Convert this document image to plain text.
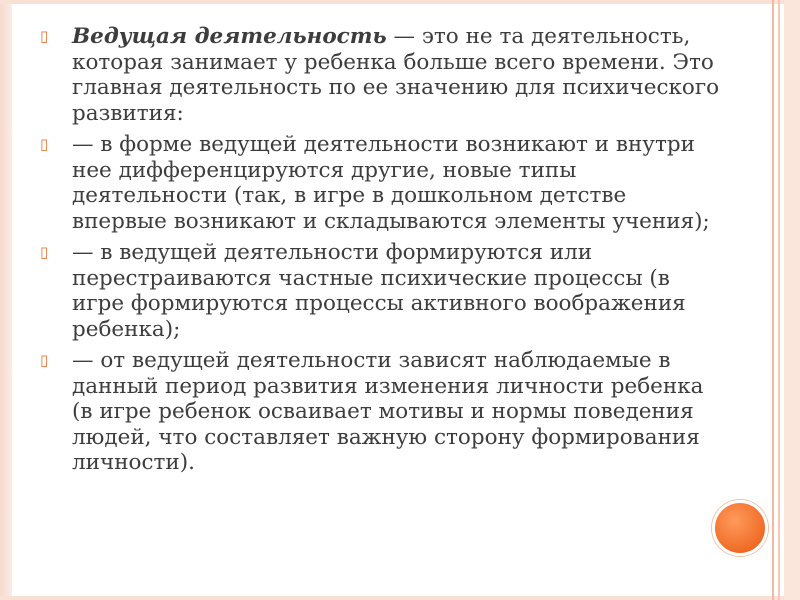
▯ Ведущая деятельность — это не та деятельность, которая занимает у ребенка больше всего времени. Это главная деятельность по ее значению для психического развития:
▯ — в форме ведущей деятельности возникают и внутри нее дифференцируются другие, новые типы деятельности (так, в игре в дошкольном детстве впервые возникают и складываются элементы учения);
▯ — в ведущей деятельности формируются или перестраиваются частные психические процессы (в игре формируются процессы активного воображения ребенка);
▯ — от ведущей деятельности зависят наблюдаемые в данный период развития изменения личности ребенка (в игре ребенок осваивает мотивы и нормы поведения людей, что составляет важную сторону формирования личности).
